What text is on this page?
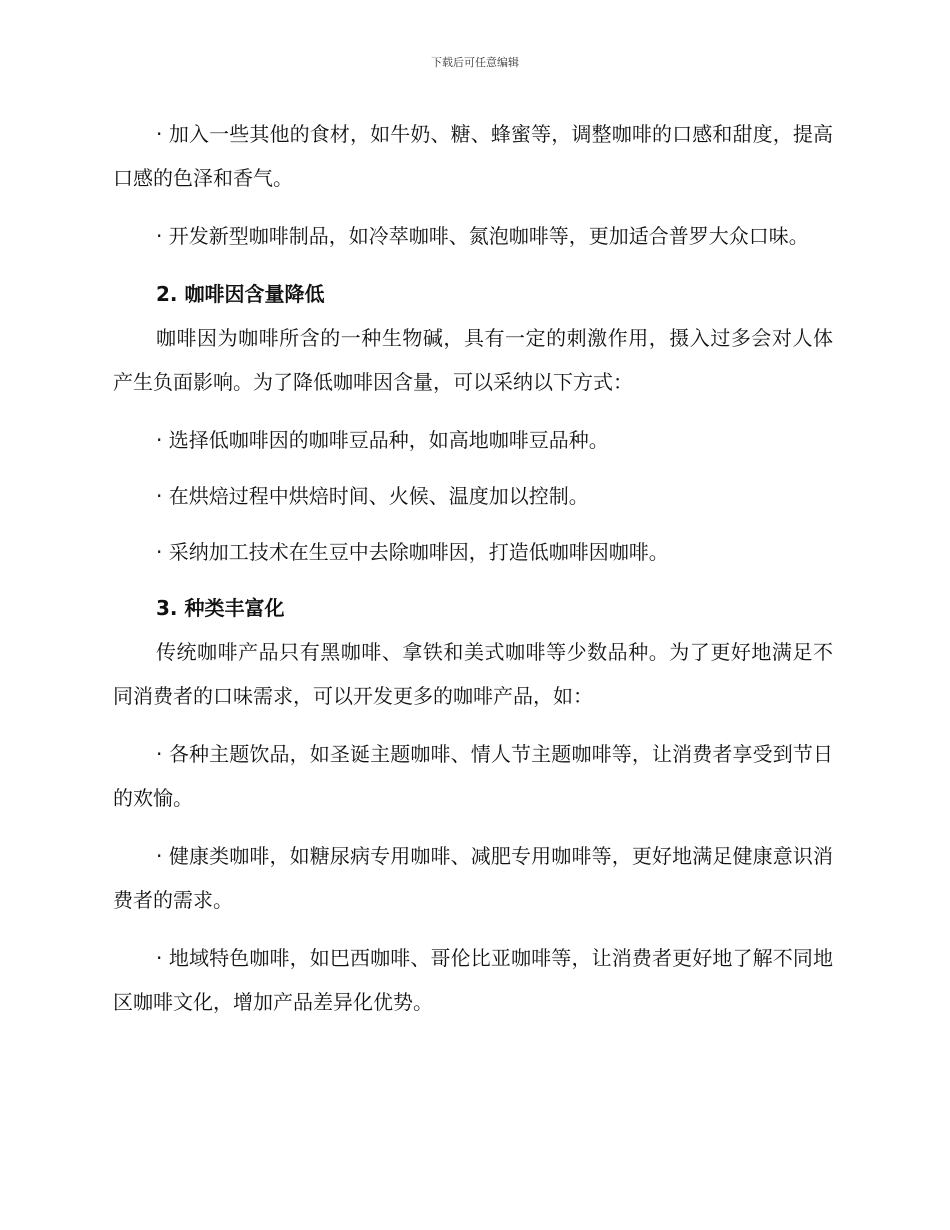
下载后可任意编辑

· 加入一些其他的食材，如牛奶、糖、蜂蜜等，调整咖啡的口感和甜度，提高口感的色泽和香气。

· 开发新型咖啡制品，如冷萃咖啡、氮泡咖啡等，更加适合普罗大众口味。

2. 咖啡因含量降低

咖啡因为咖啡所含的一种生物碱，具有一定的刺激作用，摄入过多会对人体产生负面影响。为了降低咖啡因含量，可以采纳以下方式：

· 选择低咖啡因的咖啡豆品种，如高地咖啡豆品种。

· 在烘焙过程中烘焙时间、火候、温度加以控制。

· 采纳加工技术在生豆中去除咖啡因，打造低咖啡因咖啡。

3. 种类丰富化

传统咖啡产品只有黑咖啡、拿铁和美式咖啡等少数品种。为了更好地满足不同消费者的口味需求，可以开发更多的咖啡产品，如：

· 各种主题饮品，如圣诞主题咖啡、情人节主题咖啡等，让消费者享受到节日的欢愉。

· 健康类咖啡，如糖尿病专用咖啡、减肥专用咖啡等，更好地满足健康意识消费者的需求。

· 地域特色咖啡，如巴西咖啡、哥伦比亚咖啡等，让消费者更好地了解不同地区咖啡文化，增加产品差异化优势。
